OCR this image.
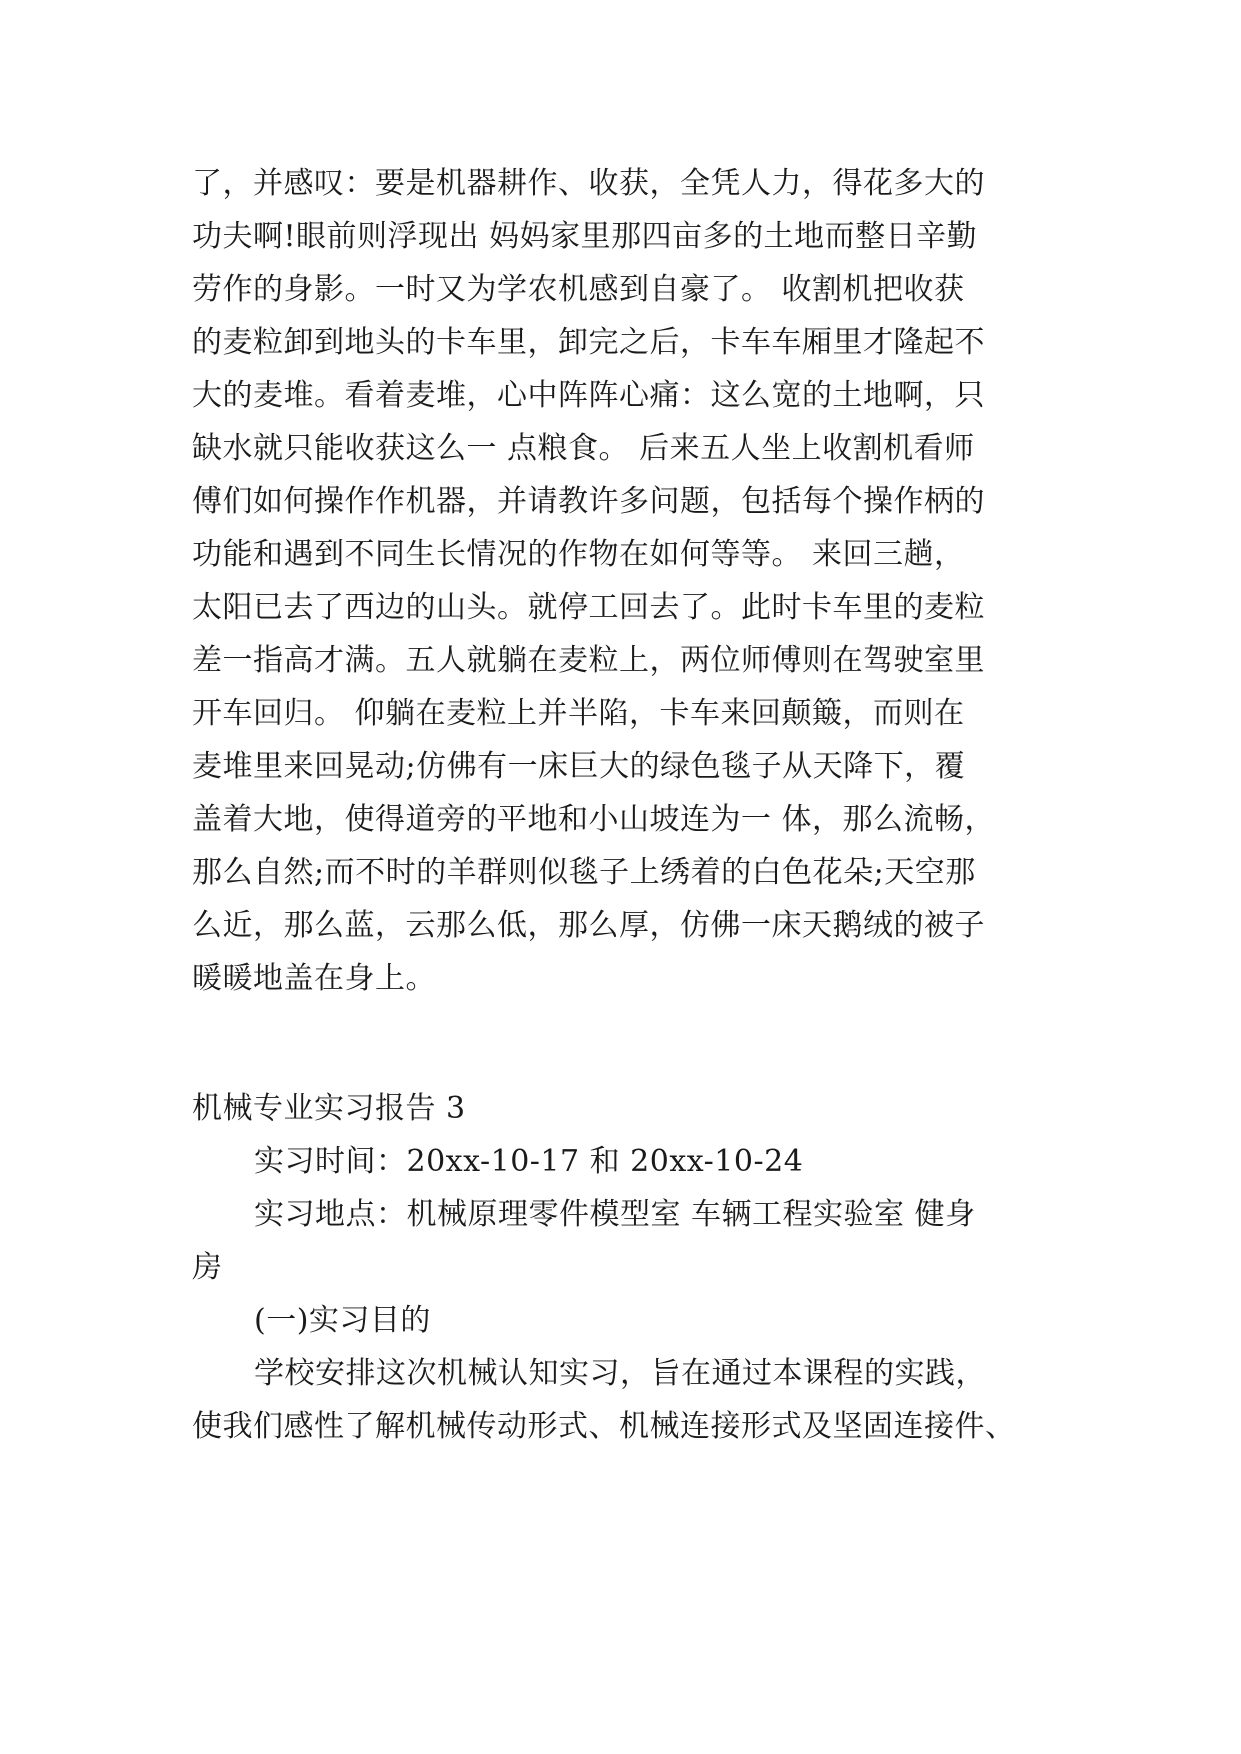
了，并感叹：要是机器耕作、收获，全凭人力，得花多大的
功夫啊!眼前则浮现出 妈妈家里那四亩多的土地而整日辛勤
劳作的身影。一时又为学农机感到自豪了。 收割机把收获
的麦粒卸到地头的卡车里，卸完之后，卡车车厢里才隆起不
大的麦堆。看着麦堆，心中阵阵心痛：这么宽的土地啊，只
缺水就只能收获这么一 点粮食。 后来五人坐上收割机看师
傅们如何操作作机器，并请教许多问题，包括每个操作柄的
功能和遇到不同生长情况的作物在如何等等。 来回三趟，
太阳已去了西边的山头。就停工回去了。此时卡车里的麦粒
差一指高才满。五人就躺在麦粒上，两位师傅则在驾驶室里
开车回归。 仰躺在麦粒上并半陷，卡车来回颠簸，而则在
麦堆里来回晃动;仿佛有一床巨大的绿色毯子从天降下，覆
盖着大地，使得道旁的平地和小山坡连为一 体，那么流畅，
那么自然;而不时的羊群则似毯子上绣着的白色花朵;天空那
么近，那么蓝，云那么低，那么厚，仿佛一床天鹅绒的被子
暖暖地盖在身上。
机械专业实习报告 3
实习时间：20xx-10-17 和 20xx-10-24
实习地点：机械原理零件模型室 车辆工程实验室 健身
房
(一)实习目的
学校安排这次机械认知实习，旨在通过本课程的实践，
使我们感性了解机械传动形式、机械连接形式及坚固连接件、
